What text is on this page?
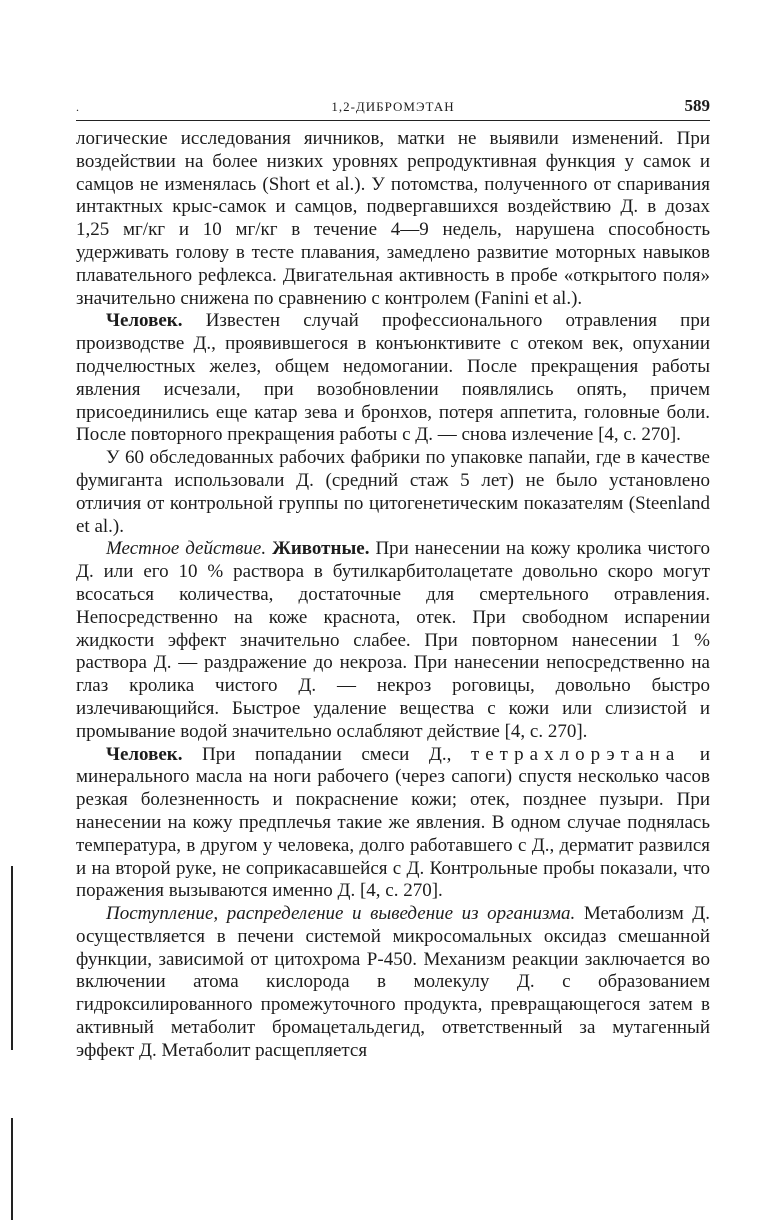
.	1,2-ДИБРОМЭТАН	589

логические исследования яичников, матки не выявили изменений. При воздействии на более низких уровнях репродуктивная функция у самок и самцов не изменялась (Short et al.). У потомства, полученного от спаривания интактных крыс-самок и самцов, подвергавшихся воздействию Д. в дозах 1,25 мг/кг и 10 мг/кг в течение 4—9 недель, нарушена способность удерживать голову в тесте плавания, замедлено развитие моторных навыков плавательного рефлекса. Двигательная активность в пробе «открытого поля» значительно снижена по сравнению с контролем (Fanini et al.).

Человек. Известен случай профессионального отравления при производстве Д., проявившегося в конъюнктивите с отеком век, опухании подчелюстных желез, общем недомогании. После прекращения работы явления исчезали, при возобновлении появлялись опять, причем присоединились еще катар зева и бронхов, потеря аппетита, головные боли. После повторного прекращения работы с Д. — снова излечение [4, с. 270].

У 60 обследованных рабочих фабрики по упаковке папайи, где в качестве фумиганта использовали Д. (средний стаж 5 лет) не было установлено отличия от контрольной группы по цитогенетическим показателям (Steenland et al.).

Местное действие. Животные. При нанесении на кожу кролика чистого Д. или его 10 % раствора в бутилкарбитолацетате довольно скоро могут всосаться количества, достаточные для смертельного отравления. Непосредственно на коже краснота, отек. При свободном испарении жидкости эффект значительно слабее. При повторном нанесении 1 % раствора Д. — раздражение до некроза. При нанесении непосредственно на глаз кролика чистого Д. — некроз роговицы, довольно быстро излечивающийся. Быстрое удаление вещества с кожи или слизистой и промывание водой значительно ослабляют действие [4, с. 270].

Человек. При попадании смеси Д., тетрахлорэтана и минерального масла на ноги рабочего (через сапоги) спустя несколько часов резкая болезненность и покраснение кожи; отек, позднее пузыри. При нанесении на кожу предплечья такие же явления. В одном случае поднялась температура, в другом у человека, долго работавшего с Д., дерматит развился и на второй руке, не соприкасавшейся с Д. Контрольные пробы показали, что поражения вызываются именно Д. [4, с. 270].

Поступление, распределение и выведение из организма. Метаболизм Д. осуществляется в печени системой микросомальных оксидаз смешанной функции, зависимой от цитохрома Р-450. Механизм реакции заключается во включении атома кислорода в молекулу Д. с образованием гидроксилированного промежуточного продукта, превращающегося затем в активный метаболит бромацетальдегид, ответственный за мутагенный эффект Д. Метаболит расщепляется
